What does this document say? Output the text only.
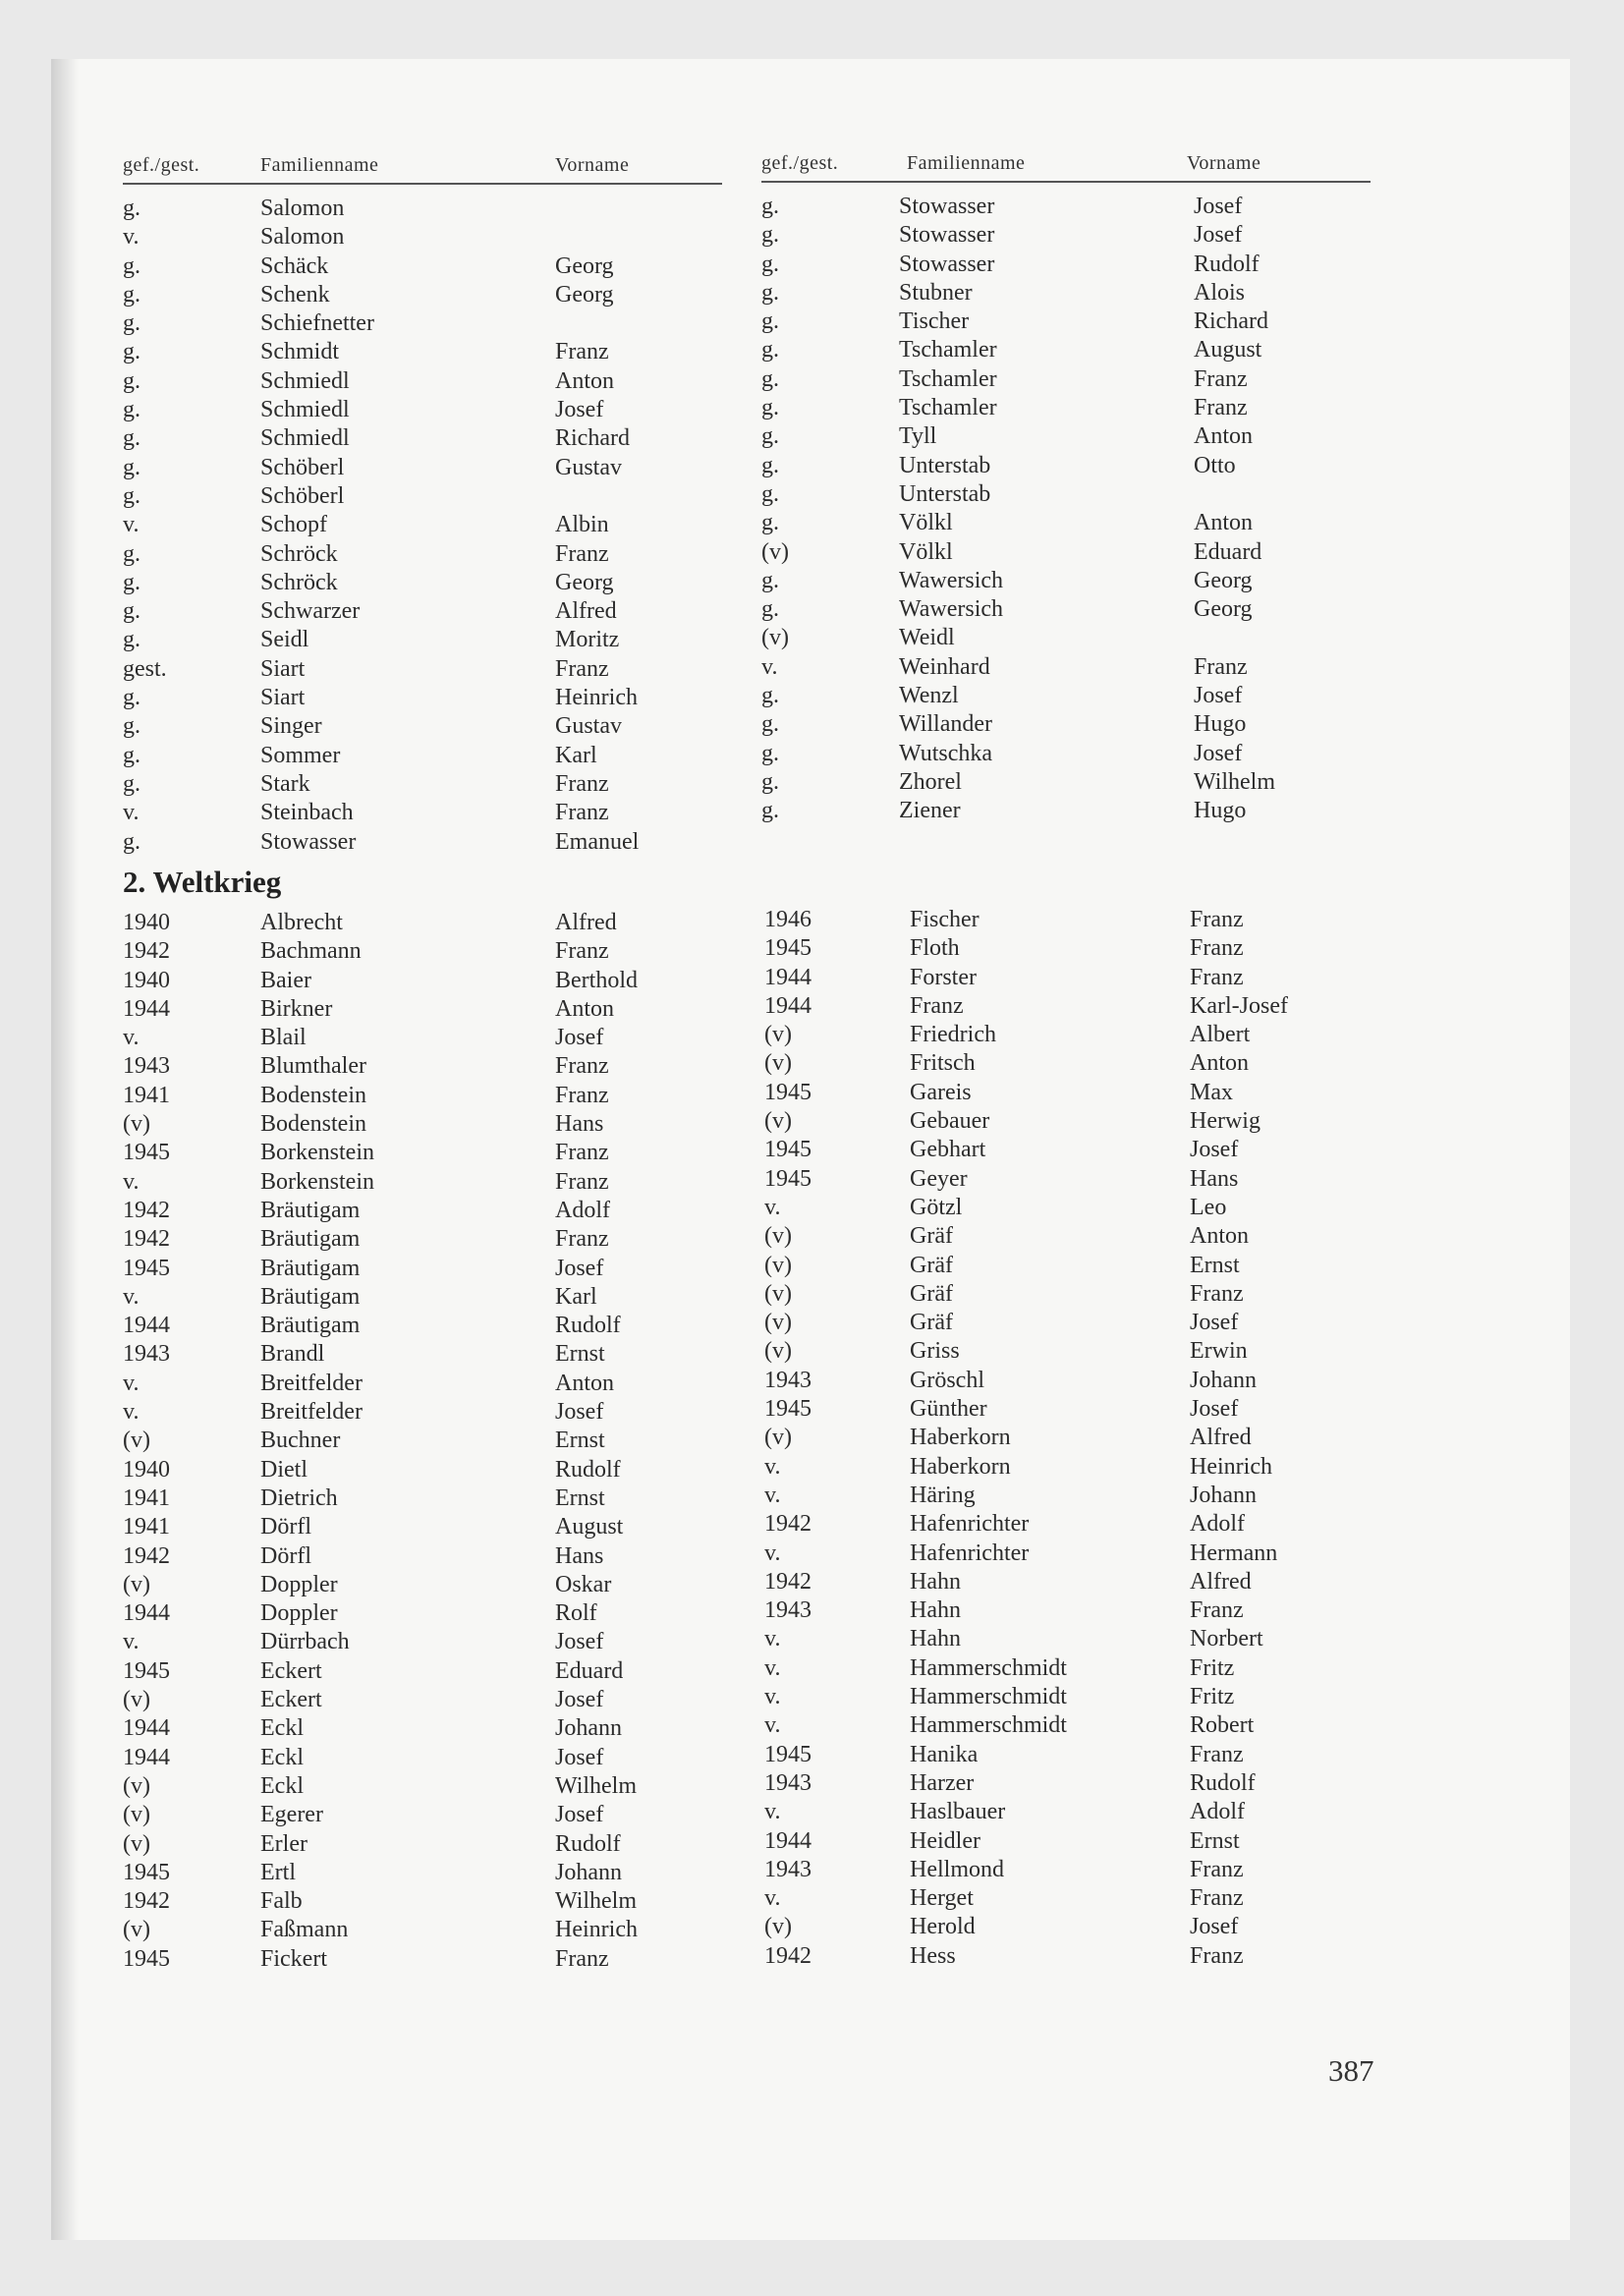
gef./gest.	Familienname	Vorname
g.	Salomon
v.	Salomon
g.	Schäck	Georg
g.	Schenk	Georg
g.	Schiefnetter
g.	Schmidt	Franz
g.	Schmiedl	Anton
g.	Schmiedl	Josef
g.	Schmiedl	Richard
g.	Schöberl	Gustav
g.	Schöberl
v.	Schopf	Albin
g.	Schröck	Franz
g.	Schröck	Georg
g.	Schwarzer	Alfred
g.	Seidl	Moritz
gest.	Siart	Franz
g.	Siart	Heinrich
g.	Singer	Gustav
g.	Sommer	Karl
g.	Stark	Franz
v.	Steinbach	Franz
g.	Stowasser	Emanuel
gef./gest.	Familienname	Vorname
g.	Stowasser	Josef
g.	Stowasser	Josef
g.	Stowasser	Rudolf
g.	Stubner	Alois
g.	Tischer	Richard
g.	Tschamler	August
g.	Tschamler	Franz
g.	Tschamler	Franz
g.	Tyll	Anton
g.	Unterstab	Otto
g.	Unterstab
g.	Völkl	Anton
(v)	Völkl	Eduard
g.	Wawersich	Georg
g.	Wawersich	Georg
(v)	Weidl
v.	Weinhard	Franz
g.	Wenzl	Josef
g.	Willander	Hugo
g.	Wutschka	Josef
g.	Zhorel	Wilhelm
g.	Ziener	Hugo
2. Weltkrieg
1940	Albrecht	Alfred
1942	Bachmann	Franz
1940	Baier	Berthold
1944	Birkner	Anton
v.	Blail	Josef
1943	Blumthaler	Franz
1941	Bodenstein	Franz
(v)	Bodenstein	Hans
1945	Borkenstein	Franz
v.	Borkenstein	Franz
1942	Bräutigam	Adolf
1942	Bräutigam	Franz
1945	Bräutigam	Josef
v.	Bräutigam	Karl
1944	Bräutigam	Rudolf
1943	Brandl	Ernst
v.	Breitfelder	Anton
v.	Breitfelder	Josef
(v)	Buchner	Ernst
1940	Dietl	Rudolf
1941	Dietrich	Ernst
1941	Dörfl	August
1942	Dörfl	Hans
(v)	Doppler	Oskar
1944	Doppler	Rolf
v.	Dürrbach	Josef
1945	Eckert	Eduard
(v)	Eckert	Josef
1944	Eckl	Johann
1944	Eckl	Josef
(v)	Eckl	Wilhelm
(v)	Egerer	Josef
(v)	Erler	Rudolf
1945	Ertl	Johann
1942	Falb	Wilhelm
(v)	Faßmann	Heinrich
1945	Fickert	Franz
1946	Fischer	Franz
1945	Floth	Franz
1944	Forster	Franz
1944	Franz	Karl-Josef
(v)	Friedrich	Albert
(v)	Fritsch	Anton
1945	Gareis	Max
(v)	Gebauer	Herwig
1945	Gebhart	Josef
1945	Geyer	Hans
v.	Götzl	Leo
(v)	Gräf	Anton
(v)	Gräf	Ernst
(v)	Gräf	Franz
(v)	Gräf	Josef
(v)	Griss	Erwin
1943	Gröschl	Johann
1945	Günther	Josef
(v)	Haberkorn	Alfred
v.	Haberkorn	Heinrich
v.	Häring	Johann
1942	Hafenrichter	Adolf
v.	Hafenrichter	Hermann
1942	Hahn	Alfred
1943	Hahn	Franz
v.	Hahn	Norbert
v.	Hammerschmidt	Fritz
v.	Hammerschmidt	Fritz
v.	Hammerschmidt	Robert
1945	Hanika	Franz
1943	Harzer	Rudolf
v.	Haslbauer	Adolf
1944	Heidler	Ernst
1943	Hellmond	Franz
v.	Herget	Franz
(v)	Herold	Josef
1942	Hess	Franz
387
